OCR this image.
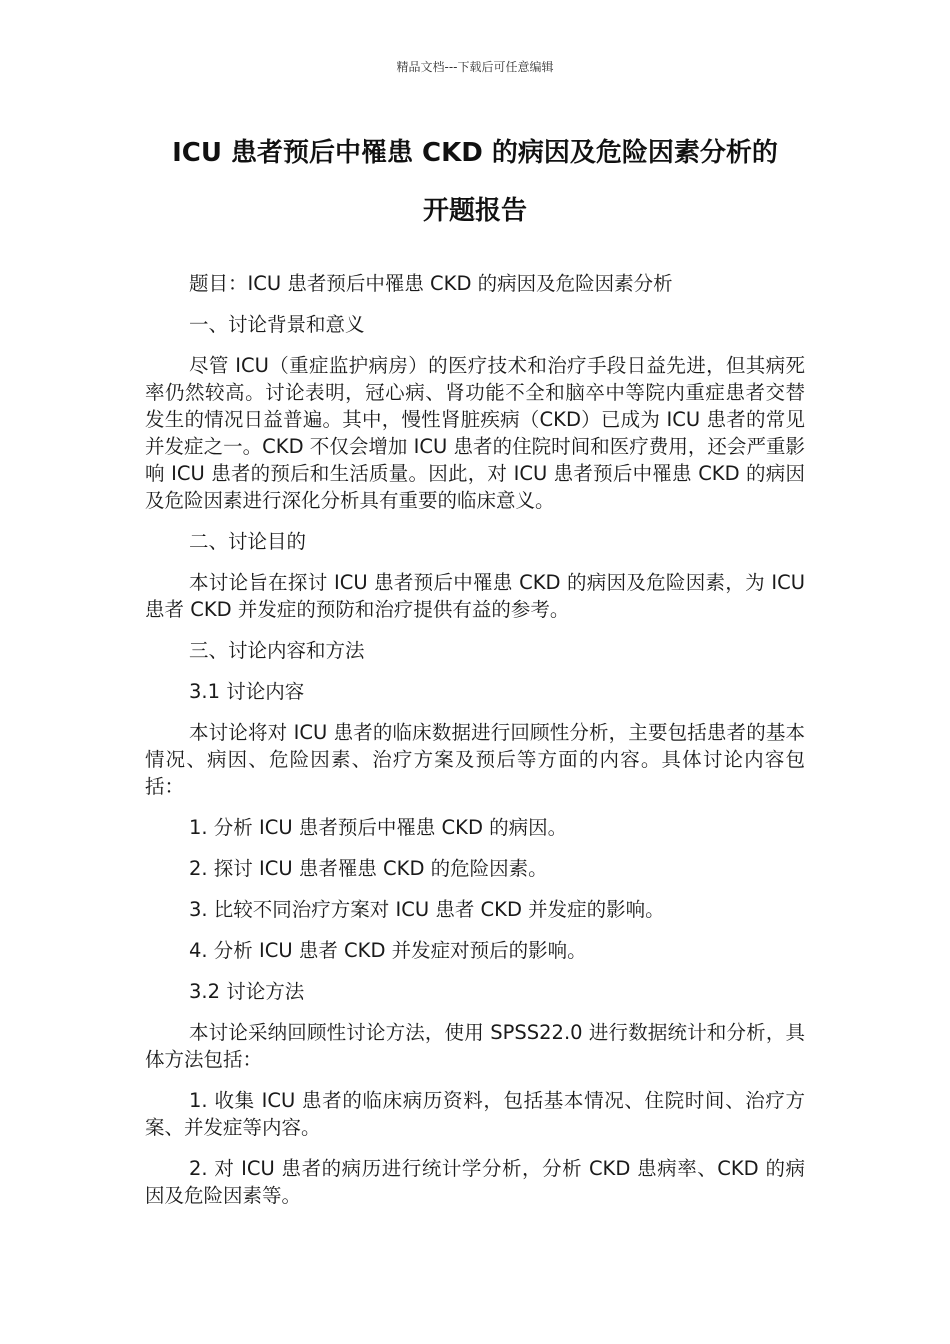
精品文档---下载后可任意编辑
ICU 患者预后中罹患 CKD 的病因及危险因素分析的
开题报告

题目：ICU 患者预后中罹患 CKD 的病因及危险因素分析

一、讨论背景和意义

尽管 ICU（重症监护病房）的医疗技术和治疗手段日益先进，但其病死率仍然较高。讨论表明，冠心病、肾功能不全和脑卒中等院内重症患者交替发生的情况日益普遍。其中，慢性肾脏疾病（CKD）已成为 ICU 患者的常见并发症之一。CKD 不仅会增加 ICU 患者的住院时间和医疗费用，还会严重影响 ICU 患者的预后和生活质量。因此，对 ICU 患者预后中罹患 CKD 的病因及危险因素进行深化分析具有重要的临床意义。

二、讨论目的

本讨论旨在探讨 ICU 患者预后中罹患 CKD 的病因及危险因素，为 ICU 患者 CKD 并发症的预防和治疗提供有益的参考。

三、讨论内容和方法

3.1 讨论内容

本讨论将对 ICU 患者的临床数据进行回顾性分析，主要包括患者的基本情况、病因、危险因素、治疗方案及预后等方面的内容。具体讨论内容包括：

1. 分析 ICU 患者预后中罹患 CKD 的病因。

2. 探讨 ICU 患者罹患 CKD 的危险因素。

3. 比较不同治疗方案对 ICU 患者 CKD 并发症的影响。

4. 分析 ICU 患者 CKD 并发症对预后的影响。

3.2 讨论方法

本讨论采纳回顾性讨论方法，使用 SPSS22.0 进行数据统计和分析，具体方法包括：

1. 收集 ICU 患者的临床病历资料，包括基本情况、住院时间、治疗方案、并发症等内容。

2. 对 ICU 患者的病历进行统计学分析，分析 CKD 患病率、CKD 的病因及危险因素等。
